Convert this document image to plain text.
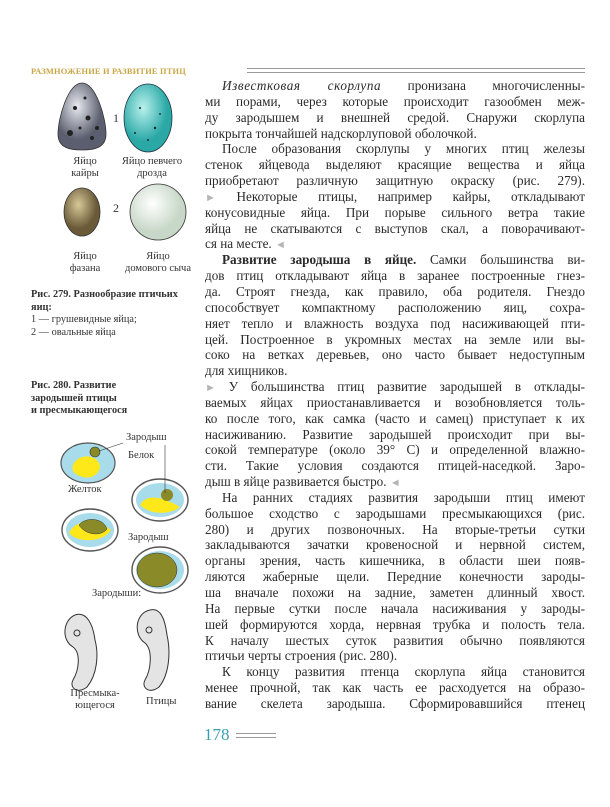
РАЗМНОЖЕНИЕ И РАЗВИТИЕ ПТИЦ
1
2
Яйцо
кайры
Яйцо певчего
дрозда
Яйцо
фазана
Яйцо
домового сыча
Рис. 279. Разнообразие птичьих яиц:
1 — грушевидные яйца;
2 — овальные яйца
Рис. 280. Развитие
зародышей птицы
и пресмыкающегося
Зародыш
Белок
Желток
Зародыш
Зародыши:
Пресмыка-
ющегося	Птицы
Известковая скорлупа пронизана многочисленны-
ми порами, через которые происходит газообмен меж-
ду зародышем и внешней средой. Снаружи скорлупа
покрыта тончайшей надскорлуповой оболочкой.
После образования скорлупы у многих птиц железы
стенок яйцевода выделяют красящие вещества и яйца
приобретают различную защитную окраску (рис. 279).
► Некоторые птицы, например кайры, откладывают
конусовидные яйца. При порыве сильного ветра такие
яйца не скатываются с выступов скал, а поворачивают-
ся на месте. ◄
Развитие зародыша в яйце. Самки большинства ви-
дов птиц откладывают яйца в заранее построенные гнез-
да. Строят гнезда, как правило, оба родителя. Гнездо
способствует компактному расположению яиц, сохра-
няет тепло и влажность воздуха под насиживающей пти-
цей. Построенное в укромных местах на земле или вы-
соко на ветках деревьев, оно часто бывает недоступным
для хищников.
► У большинства птиц развитие зародышей в отклады-
ваемых яйцах приостанавливается и возобновляется толь-
ко после того, как самка (часто и самец) приступает к их
насиживанию. Развитие зародышей происходит при вы-
сокой температуре (около 39° С) и определенной влажно-
сти. Такие условия создаются птицей-наседкой. Заро-
дыш в яйце развивается быстро. ◄
На ранних стадиях развития зародыши птиц имеют
большое сходство с зародышами пресмыкающихся (рис.
280) и других позвоночных. На вторые-третьи сутки
закладываются зачатки кровеносной и нервной систем,
органы зрения, часть кишечника, в области шеи появ-
ляются жаберные щели. Передние конечности зароды-
ша вначале похожи на задние, заметен длинный хвост.
На первые сутки после начала насиживания у зароды-
шей формируются хорда, нервная трубка и полость тела.
К началу шестых суток развития обычно появляются
птичьи черты строения (рис. 280).
К концу развития птенца скорлупа яйца становится
менее прочной, так как часть ее расходуется на образо-
вание скелета зародыша. Сформировавшийся птенец
178
